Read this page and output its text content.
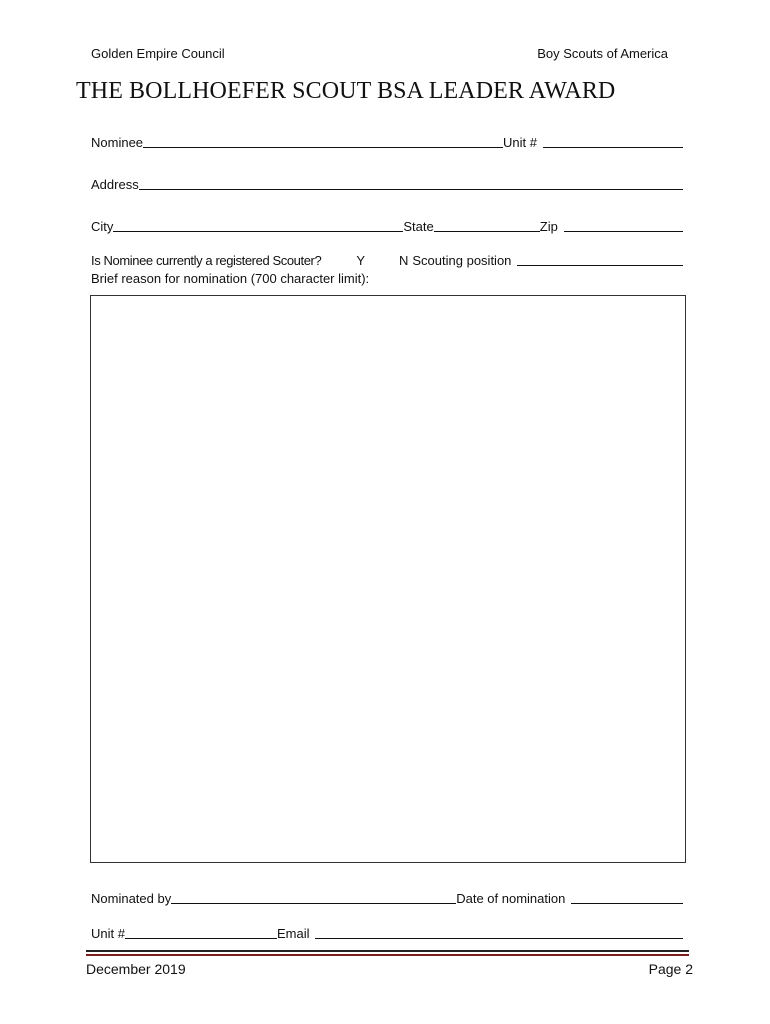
Golden Empire Council	Boy Scouts of America
THE BOLLHOEFER SCOUT BSA LEADER AWARD
Nominee	Unit #
Address
City	State	Zip
Is Nominee currently a registered Scouter?	Y	N Scouting position
Brief reason for nomination (700 character limit):
Nominated by	Date of nomination
Unit #	Email
December 2019	Page 2
